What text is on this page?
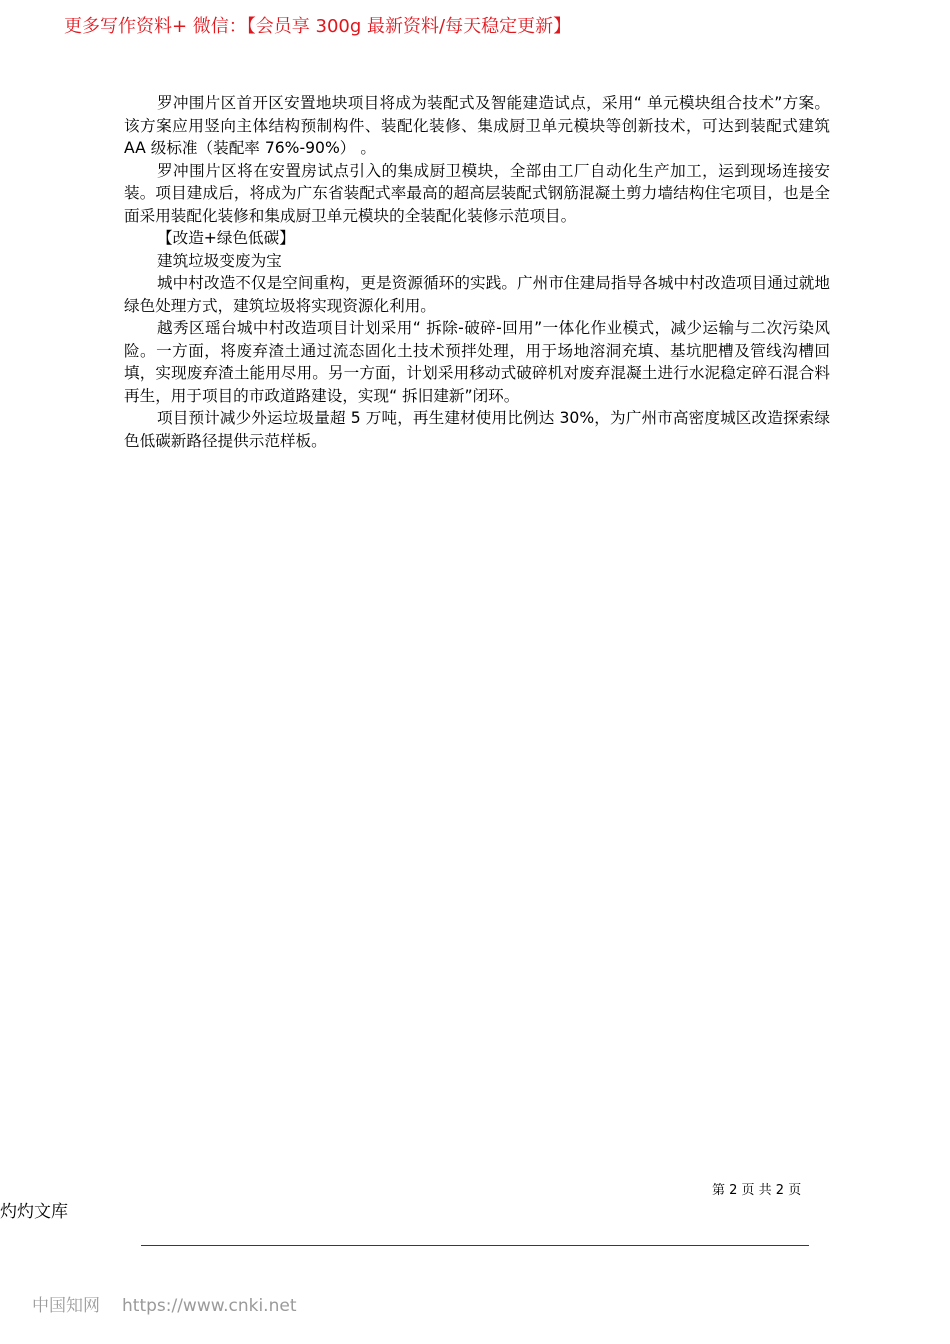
更多写作资料+ 微信：【会员享 300g 最新资料/每天稳定更新】

罗冲围片区首开区安置地块项目将成为装配式及智能建造试点，采用“ 单元模块组合技术”方案。该方案应用竖向主体结构预制构件、装配化装修、集成厨卫单元模块等创新技术，可达到装配式建筑 AA 级标准（装配率 76%-90%） 。

罗冲围片区将在安置房试点引入的集成厨卫模块，全部由工厂自动化生产加工，运到现场连接安装。项目建成后，将成为广东省装配式率最高的超高层装配式钢筋混凝土剪力墙结构住宅项目，也是全面采用装配化装修和集成厨卫单元模块的全装配化装修示范项目。

【改造+绿色低碳】

建筑垃圾变废为宝

城中村改造不仅是空间重构，更是资源循环的实践。广州市住建局指导各城中村改造项目通过就地绿色处理方式，建筑垃圾将实现资源化利用。

越秀区瑶台城中村改造项目计划采用“ 拆除-破碎-回用”一体化作业模式，减少运输与二次污染风险。一方面，将废弃渣土通过流态固化土技术预拌处理，用于场地溶洞充填、基坑肥槽及管线沟槽回填，实现废弃渣土能用尽用。另一方面，计划采用移动式破碎机对废弃混凝土进行水泥稳定碎石混合料再生，用于项目的市政道路建设，实现“ 拆旧建新”闭环。

项目预计减少外运垃圾量超 5 万吨，再生建材使用比例达 30%，为广州市高密度城区改造探索绿色低碳新路径提供示范样板。

第 2 页 共 2 页
灼灼文库
中国知网 https://www.cnki.net
